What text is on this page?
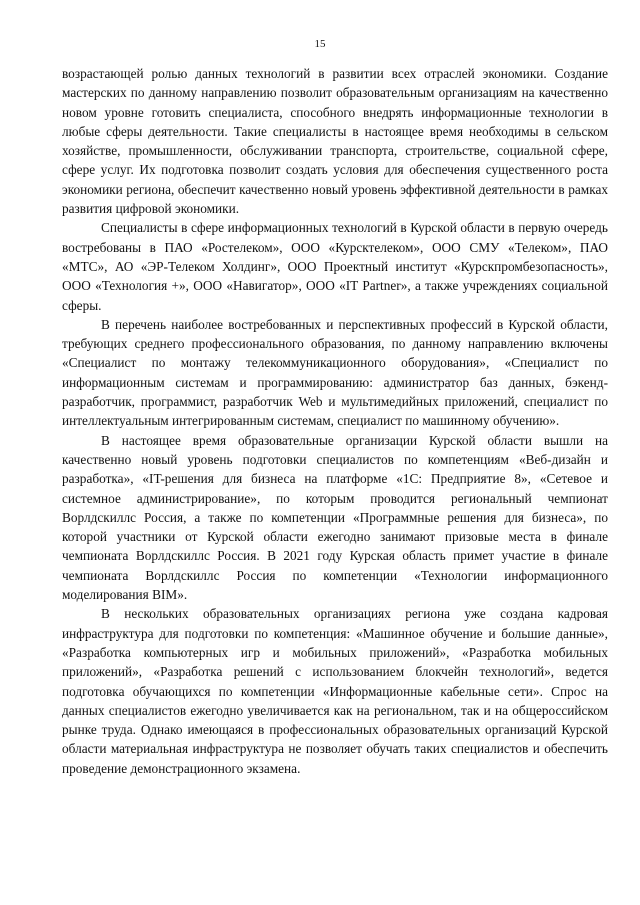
15

возрастающей ролью данных технологий в развитии всех отраслей экономики. Создание мастерских по данному направлению позволит образовательным организациям на качественно новом уровне готовить специалиста, способного внедрять информационные технологии в любые сферы деятельности. Такие специалисты в настоящее время необходимы в сельском хозяйстве, промышленности, обслуживании транспорта, строительстве, социальной сфере, сфере услуг. Их подготовка позволит создать условия для обеспечения существенного роста экономики региона, обеспечит качественно новый уровень эффективной деятельности в рамках развития цифровой экономики.

Специалисты в сфере информационных технологий в Курской области в первую очередь востребованы в ПАО «Ростелеком», ООО «Курсктелеком», ООО СМУ «Телеком», ПАО «МТС», АО «ЭР-Телеком Холдинг», ООО Проектный институт «Курскпромбезопасность», ООО «Технология +», ООО «Навигатор», ООО «IT Partner», а также учреждениях социальной сферы.

В перечень наиболее востребованных и перспективных профессий в Курской области, требующих среднего профессионального образования, по данному направлению включены «Специалист по монтажу телекоммуникационного оборудования», «Специалист по информационным системам и программированию: администратор баз данных, бэкенд-разработчик, программист, разработчик Web и мультимедийных приложений, специалист по интеллектуальным интегрированным системам, специалист по машинному обучению».

В настоящее время образовательные организации Курской области вышли на качественно новый уровень подготовки специалистов по компетенциям «Веб-дизайн и разработка», «IT-решения для бизнеса на платформе «1С: Предприятие 8», «Сетевое и системное администрирование», по которым проводится региональный чемпионат Ворлдскиллс Россия, а также по компетенции «Программные решения для бизнеса», по которой участники от Курской области ежегодно занимают призовые места в финале чемпионата Ворлдскиллс Россия. В 2021 году Курская область примет участие в финале чемпионата Ворлдскиллс Россия по компетенции «Технологии информационного моделирования BIM».

В нескольких образовательных организациях региона уже создана кадровая инфраструктура для подготовки по компетенция: «Машинное обучение и большие данные», «Разработка компьютерных игр и мобильных приложений», «Разработка мобильных приложений», «Разработка решений с использованием блокчейн технологий», ведется подготовка обучающихся по компетенции «Информационные кабельные сети». Спрос на данных специалистов ежегодно увеличивается как на региональном, так и на общероссийском рынке труда. Однако имеющаяся в профессиональных образовательных организаций Курской области материальная инфраструктура не позволяет обучать таких специалистов и обеспечить проведение демонстрационного экзамена.
